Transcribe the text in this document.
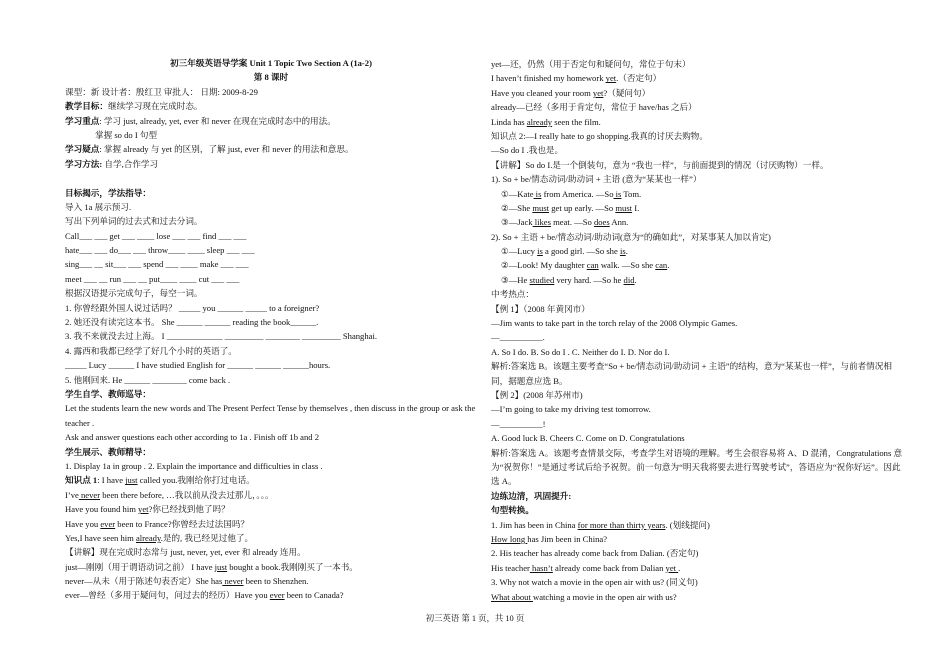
初三年级英语导学案 Unit 1 Topic Two Section A (1a-2)
第 8 课时
课型：新 设计者：殷红卫 审批人： 日期: 2009-8-29
教学目标：继续学习现在完成时态。
学习重点: 学习 just, already, yet, ever 和 never 在现在完成时态中的用法。
掌握 so do I 句型
学习疑点: 掌握 already 与 yet 的区别，了解 just, ever 和 never 的用法和意思。
学习方法: 自学,合作学习
目标揭示，学法指导：
导入 1a 展示预习.
写出下列单词的过去式和过去分词。
Call___ ___ get ___ ____ lose ___ ___ find ___ ___
hate___ ___ do___ ___ throw____ ____ sleep ___ ___
sing___ __ sit___ ___ spend ___ ____ make ___ ___
meet ___ __ run ___ __ put____ ____ cut ___ ___
根据汉语提示完成句子，每空一词。
1. 你曾经跟外国人说过话吗？ _____ you ______ _____ to a foreigner?
2. 她还没有读完这本书。 She ______ ______ reading the book______.
3. 我不来就没去过上海。 I _____________ _________ ________ _________ Shanghai.
4. 露西和我都已经学了好几个小时的英语了。
_____ Lucy ______ I have studied English for ______ ______ ______hours.
5. 他刚回来. He ______ ________ come back .
学生自学、教师巡导：
Let the students learn the new words and The Present Perfect Tense by themselves , then discuss in the group or ask the teacher .
Ask and answer questions each other according to 1a . Finish off 1b and 2
学生展示、教师精导：
1. Display 1a in group . 2. Explain the importance and difficulties in class .
知识点 1: I have just called you.我刚给你打过电话。
I’ve never been there before, …我以前从没去过那儿，。。。
Have you found him yet?你已经找到他了吗？
Have you ever been to France?你曾经去过法国吗？
Yes,I have seen him already.是的, 我已经见过他了。
【讲解】现在完成时态常与 just, never, yet, ever 和 already 连用。
just—刚刚（用于谓语动词之前） I have just bought a book.我刚刚买了一本书。
never—从未（用于陈述句表否定）She has never been to Shenzhen.
ever—曾经（多用于疑问句，问过去的经历）Have you ever been to Canada?
yet—还，仍然（用于否定句和疑问句，常位于句末）
I haven’t finished my homework yet.（否定句）
Have you cleaned your room yet?（疑问句）
already—已经（多用于肯定句，常位于 have/has 之后）
Linda has already seen the film.
知识点 2:—I really hate to go shopping.我真的讨厌去购物。
—So do I .我也是。
【讲解】So do I.是一个倒装句，意为 “我也一样”，与前面提到的情况（讨厌购物）一样。
1). So + be/情态动词/助动词 + 主语 (意为“某某也一样”）
①—Kate is from America. —So is Tom.
②—She must get up early. —So must I.
③—Jack likes meat. —So does Ann.
2). So + 主语 + be/情态动词/助动词(意为“的确如此”，对某事某人加以肯定)
①—Lucy is a good girl. —So she is.
②—Look! My daughter can walk. —So she can.
③—He studied very hard. —So he did.
中考热点：
【例 1】（2008 年黄冈市）
—Jim wants to take part in the torch relay of the 2008 Olympic Games.
—__________.
A. So I do. B. So do I . C. Neither do I. D. Nor do I.
解析:答案选 B。该题主要考查“So + be/情态动词/助动词 + 主语”的结构，意为“某某也一样”，与前者情况相同，据题意应选 B。
【例 2】(2008 年苏州市)
—I’m going to take my driving test tomorrow.
—__________!
A. Good luck B. Cheers C. Come on D. Congratulations
解析:答案选 A。该题考查情景交际，考查学生对语境的理解。考生会很容易将 A、D 混淆，Congratulations 意为“祝贺你！”是通过考试后给予祝贺。前一句意为“明天我将要去进行驾驶考试”，答语应为“祝你好运”。因此选 A。
边练边清，巩固提升:
句型转换。
1. Jim has been in China for more than thirty years. (划线提问)
How long has Jim been in China?
2. His teacher has already come back from Dalian. (否定句)
His teacher hasn’t already come back from Dalian yet .
3. Why not watch a movie in the open air with us? (同义句)
What about watching a movie in the open air with us?
初三英语 第 1 页，共 10 页
